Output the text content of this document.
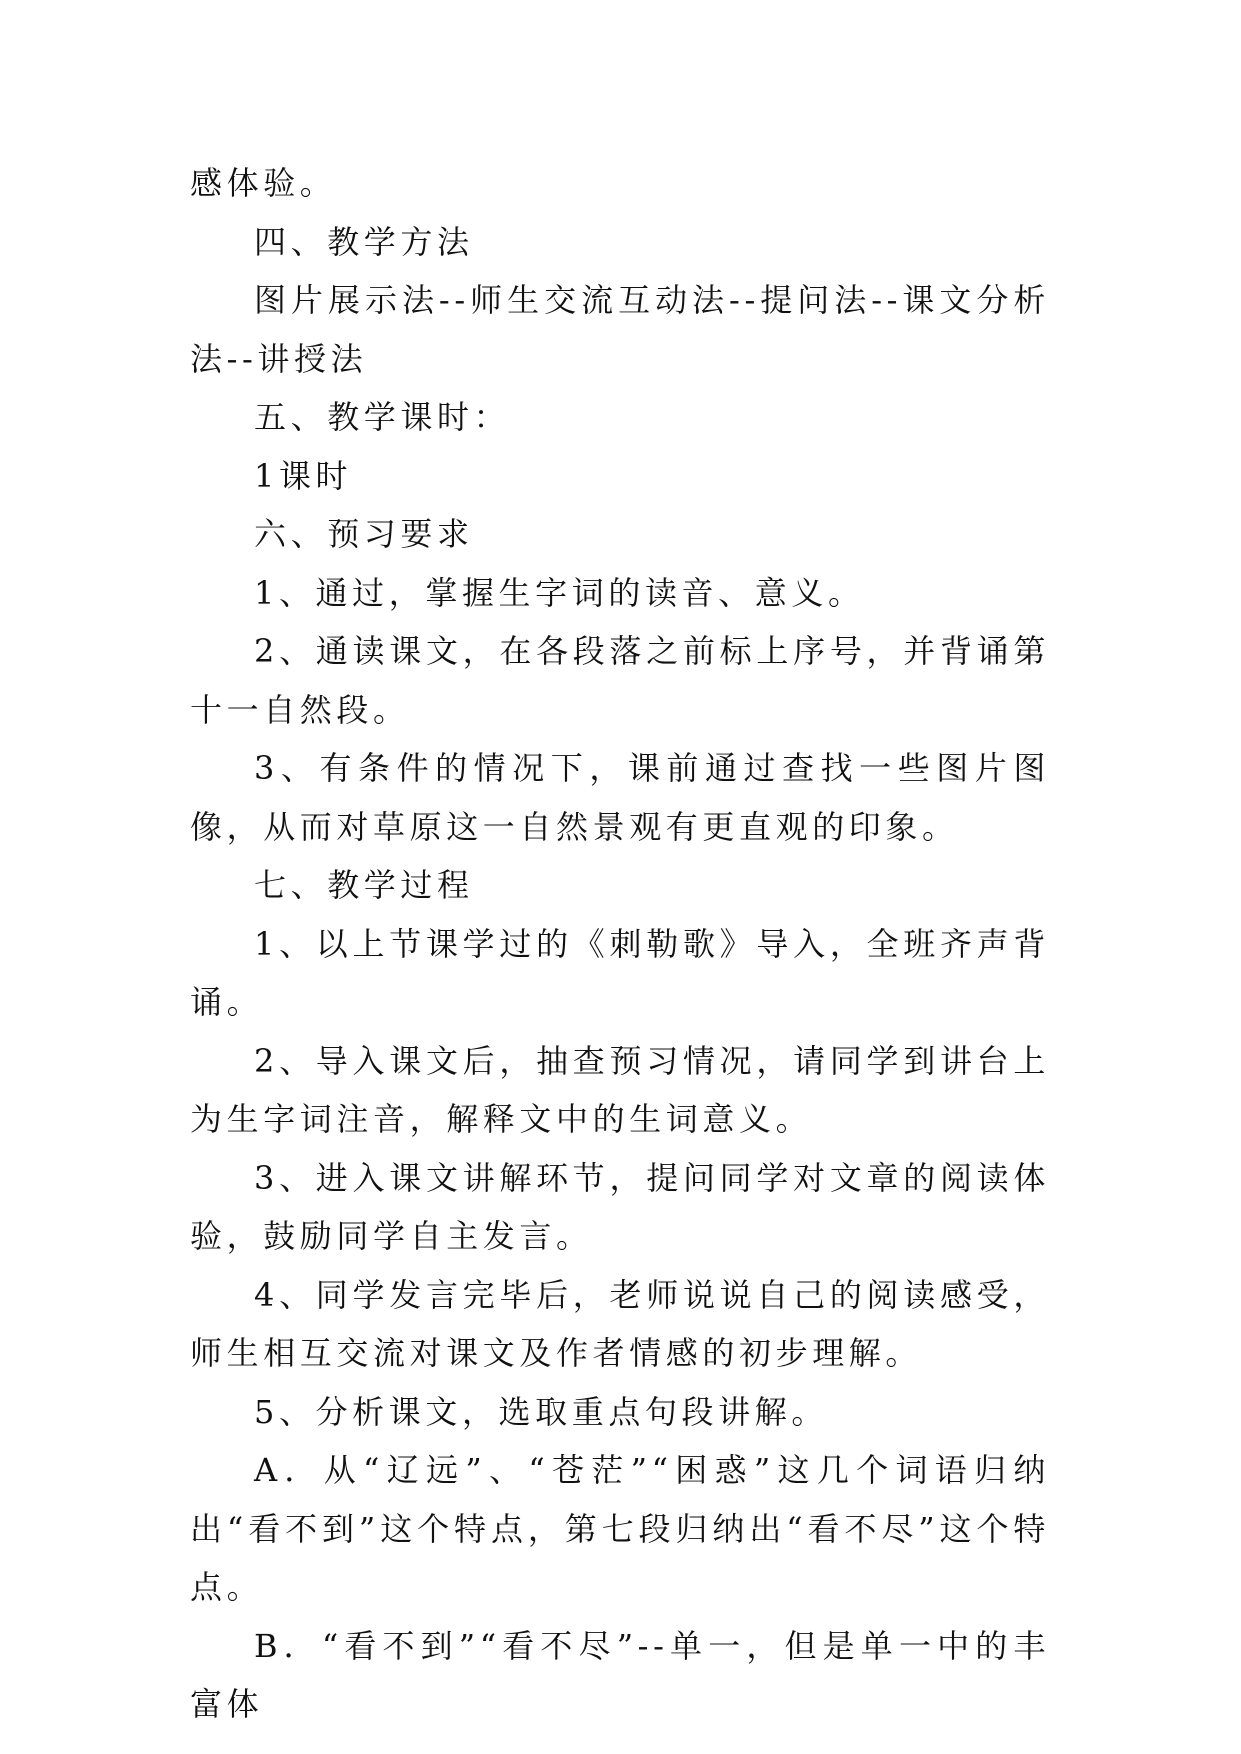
感体验。

四、教学方法

图片展示法--师生交流互动法--提问法--课文分析法--讲授法

五、教学课时：

1课时

六、预习要求

1、通过，掌握生字词的读音、意义。

2、通读课文，在各段落之前标上序号，并背诵第十一自然段。

3、有条件的情况下，课前通过查找一些图片图像，从而对草原这一自然景观有更直观的印象。

七、教学过程

1、以上节课学过的《刺勒歌》导入，全班齐声背诵。

2、导入课文后，抽查预习情况，请同学到讲台上为生字词注音，解释文中的生词意义。

3、进入课文讲解环节，提问同学对文章的阅读体验，鼓励同学自主发言。

4、同学发言完毕后，老师说说自己的阅读感受，师生相互交流对课文及作者情感的初步理解。

5、分析课文，选取重点句段讲解。

A．从“辽远”、“苍茫”“困惑”这几个词语归纳出“看不到”这个特点，第七段归纳出“看不尽”这个特点。

B．“看不到”“看不尽”--单一，但是单一中的丰富体
